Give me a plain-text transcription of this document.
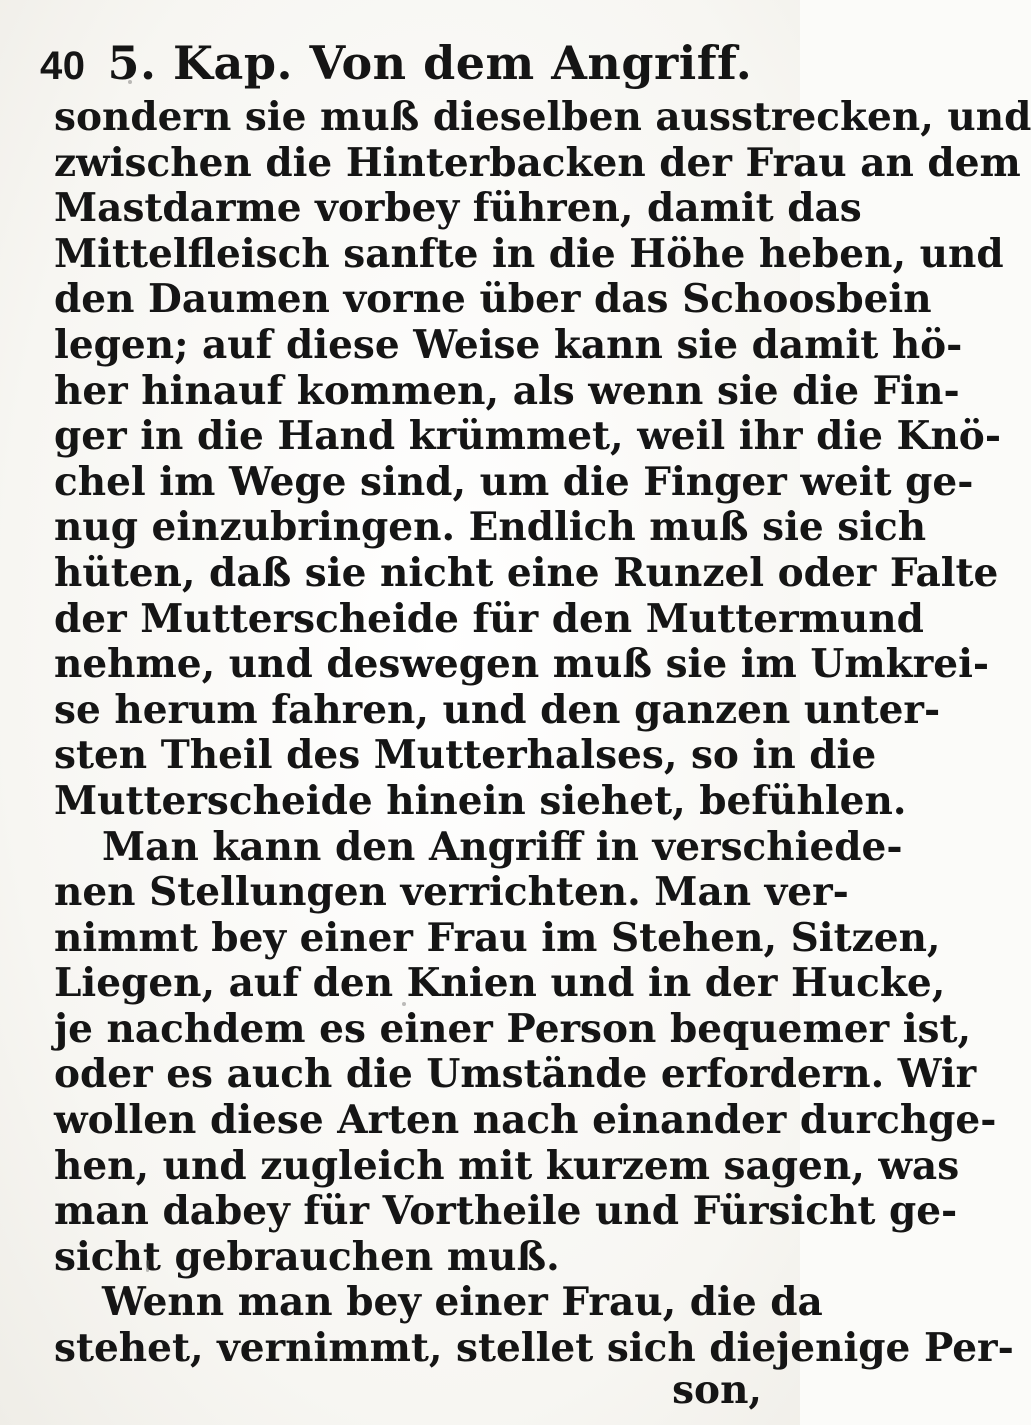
40 5. Kap. Von dem Angriff.
sondern sie muß dieselben ausstrecken, und
zwischen die Hinterbacken der Frau an dem
Mastdarme vorbey führen, damit das
Mittelfleisch sanfte in die Höhe heben, und
den Daumen vorne über das Schoosbein
legen; auf diese Weise kann sie damit hö-
her hinauf kommen, als wenn sie die Fin-
ger in die Hand krümmet, weil ihr die Knö-
chel im Wege sind, um die Finger weit ge-
nug einzubringen. Endlich muß sie sich
hüten, daß sie nicht eine Runzel oder Falte
der Mutterscheide für den Muttermund
nehme, und deswegen muß sie im Umkrei-
se herum fahren, und den ganzen unter-
sten Theil des Mutterhalses, so in die
Mutterscheide hinein siehet, befühlen.
Man kann den Angriff in verschiede-
nen Stellungen verrichten. Man ver-
nimmt bey einer Frau im Stehen, Sitzen,
Liegen, auf den Knien und in der Hucke,
je nachdem es einer Person bequemer ist,
oder es auch die Umstände erfordern. Wir
wollen diese Arten nach einander durchge-
hen, und zugleich mit kurzem sagen, was
man dabey für Vortheile und Fürsicht ge-
sicht gebrauchen muß.
Wenn man bey einer Frau, die da
stehet, vernimmt, stellet sich diejenige Per-
son,
